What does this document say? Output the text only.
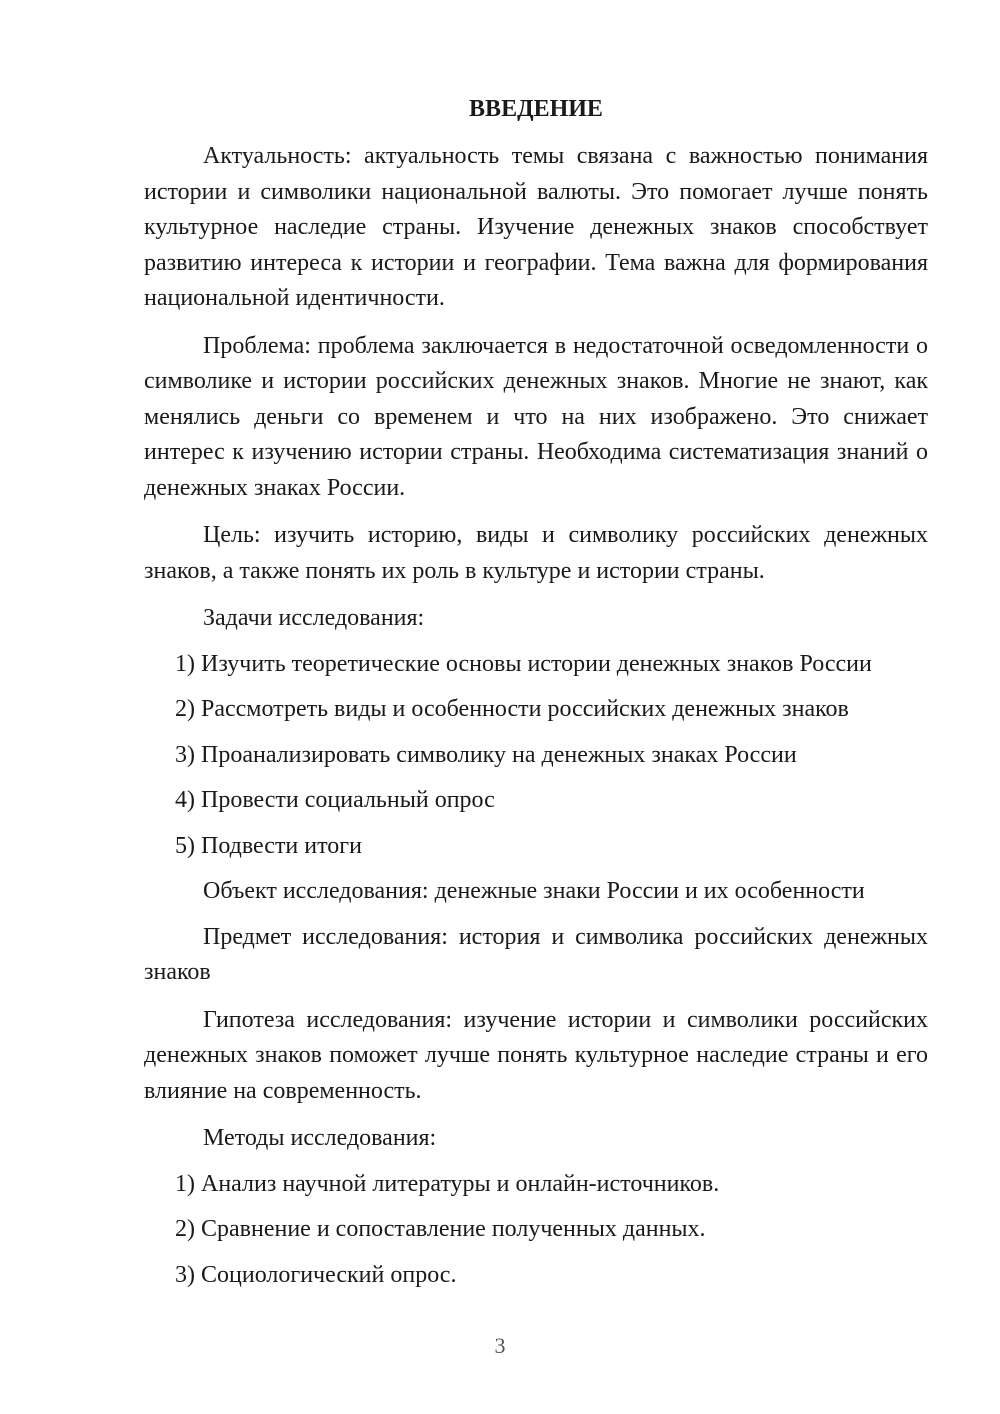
ВВЕДЕНИЕ

Актуальность: актуальность темы связана с важностью понимания истории и символики национальной валюты. Это помогает лучше понять культурное наследие страны. Изучение денежных знаков способствует развитию интереса к истории и географии. Тема важна для формирования национальной идентичности.

Проблема: проблема заключается в недостаточной осведомленности о символике и истории российских денежных знаков. Многие не знают, как менялись деньги со временем и что на них изображено. Это снижает интерес к изучению истории страны. Необходима систематизация знаний о денежных знаках России.

Цель: изучить историю, виды и символику российских денежных знаков, а также понять их роль в культуре и истории страны.

Задачи исследования:
1) Изучить теоретические основы истории денежных знаков России
2) Рассмотреть виды и особенности российских денежных знаков
3) Проанализировать символику на денежных знаках России
4) Провести социальный опрос
5) Подвести итоги
Объект исследования: денежные знаки России и их особенности

Предмет исследования: история и символика российских денежных знаков

Гипотеза исследования: изучение истории и символики российских денежных знаков поможет лучше понять культурное наследие страны и его влияние на современность.

Методы исследования:
1) Анализ научной литературы и онлайн-источников.
2) Сравнение и сопоставление полученных данных.
3) Социологический опрос.
3
